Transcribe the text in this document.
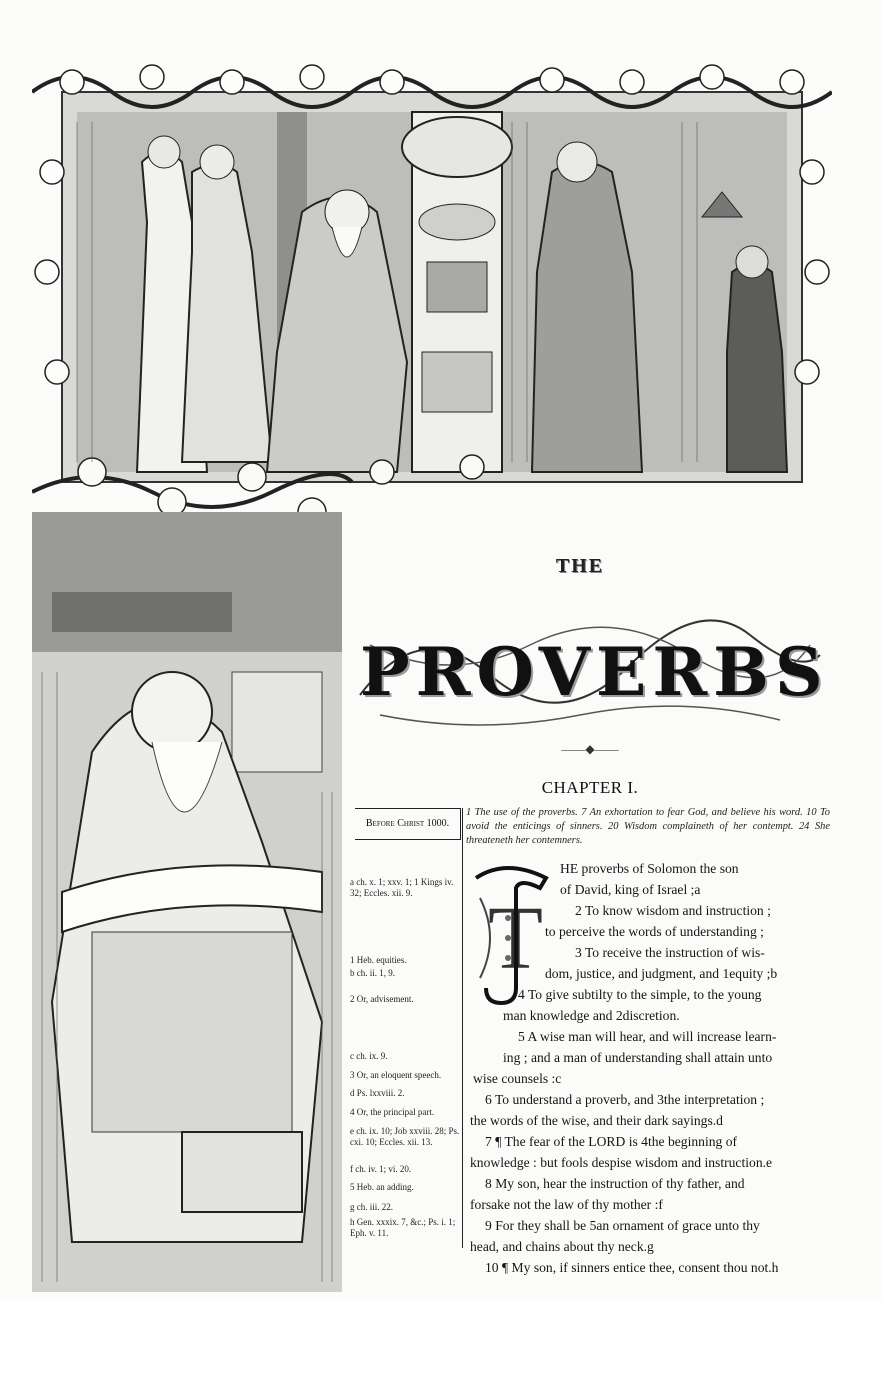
THE
PROVERBS
——◆——
CHAPTER I.
Before Christ 1000.
1 The use of the proverbs. 7 An exhortation to fear God, and believe his word. 10 To avoid the enticings of sinners. 20 Wisdom complaineth of her contempt. 24 She threateneth her contemners.
a ch. x. 1; xxv. 1; 1 Kings iv. 32; Eccles. xii. 9.
1 Heb. equities.
b ch. ii. 1, 9.
2 Or, advisement.
c ch. ix. 9.
3 Or, an eloquent speech.
d Ps. lxxviii. 2.
4 Or, the principal part.
e ch. ix. 10; Job xxviii. 28; Ps. cxi. 10; Eccles. xii. 13.
f ch. iv. 1; vi. 20.
5 Heb. an adding.
g ch. iii. 22.
h Gen. xxxix. 7, &c.; Ps. i. 1; Eph. v. 11.
T
HE proverbs of Solomon the son
of David, king of Israel ;a
2 To know wisdom and instruction ;
to perceive the words of understanding ;
3 To receive the instruction of wis-
dom, justice, and judgment, and 1equity ;b
4 To give subtilty to the simple, to the young
man knowledge and 2discretion.
5 A wise man will hear, and will increase learn-
ing ; and a man of understanding shall attain unto
wise counsels :c
6 To understand a proverb, and 3the interpretation ;
the words of the wise, and their dark sayings.d
7 ¶ The fear of the LORD is 4the beginning of
knowledge : but fools despise wisdom and instruction.e
8 My son, hear the instruction of thy father, and
forsake not the law of thy mother :f
9 For they shall be 5an ornament of grace unto thy
head, and chains about thy neck.g
10 ¶ My son, if sinners entice thee, consent thou not.h
